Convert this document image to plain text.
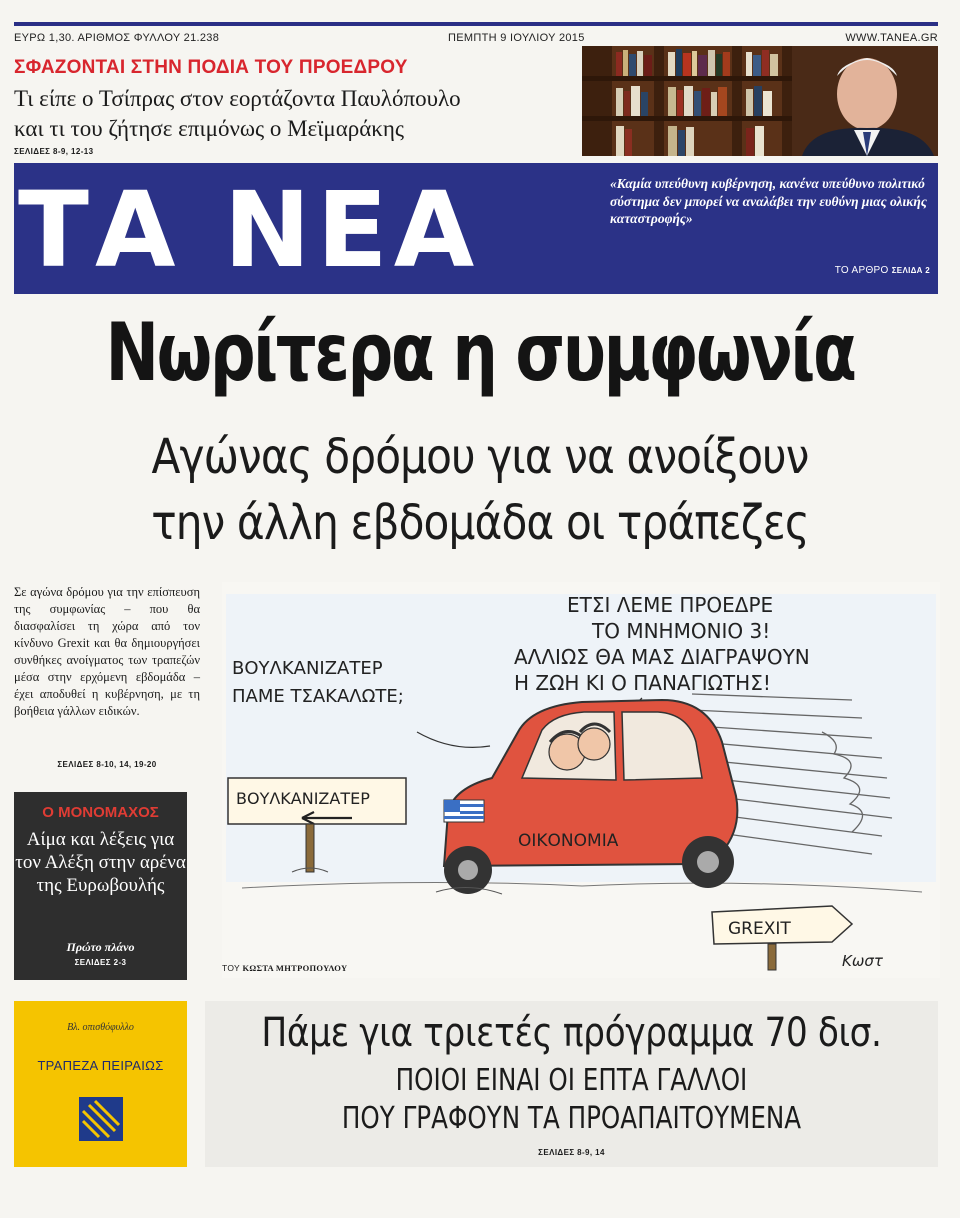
ΕΥΡΩ 1,30. ΑΡΙΘΜΟΣ ΦΥΛΛΟΥ 21.238	ΠΕΜΠΤΗ 9 ΙΟΥΛΙΟΥ 2015	WWW.TANEA.GR
ΣΦΑΖΟΝΤΑΙ ΣΤΗΝ ΠΟΔΙΑ ΤΟΥ ΠΡΟΕΔΡΟΥ
Τι είπε ο Τσίπρας στον εορτάζοντα Παυλόπουλο
και τι του ζήτησε επιμόνως ο Μεϊμαράκης
ΣΕΛΙΔΕΣ 8-9, 12-13
ΤΑ ΝΕΑ	«Καμία υπεύθυνη κυβέρνηση, κανένα υπεύθυνο πολιτικό σύστημα δεν μπορεί να αναλάβει την ευθύνη μιας ολικής καταστροφής»
ΤΟ ΑΡΘΡΟ ΣΕΛΙΔΑ 2
Νωρίτερα η συμφωνία
Αγώνας δρόμου για να ανοίξουν
την άλλη εβδομάδα οι τράπεζες
Σε αγώνα δρόμου για την επίσπευση της συμφωνίας – που θα διασφαλίσει τη χώρα από τον κίνδυνο Grexit και θα δημιουργήσει συνθήκες ανοίγματος των τραπεζών μέσα στην ερχόμενη εβδομάδα – έχει αποδυθεί η κυβέρνηση, με τη βοήθεια γάλλων ειδικών.
ΣΕΛΙΔΕΣ 8-10, 14, 19-20
Ο ΜΟΝΟΜΑΧΟΣ
Αίμα και λέξεις για τον Αλέξη στην αρένα της Ευρωβουλής
Πρώτο πλάνο
ΣΕΛΙΔΕΣ 2-3
ΕΤΣΙ ΛΕΜΕ ΠΡΟΕΔΡΕ
ΤΟ ΜΝΗΜΟΝΙΟ 3!
ΑΛΛΙΩΣ ΘΑ ΜΑΣ ΔΙΑΓΡΑΨΟΥΝ
Η ΖΩΗ ΚΙ Ο ΠΑΝΑΓΙΩΤΗΣ!
ΒΟΥΛΚΑΝΙΖΑΤΕΡ
ΠΑΜΕ ΤΣΑΚΑΛΩΤΕ;
ΒΟΥΛΚΑΝΙΖΑΤΕΡ
ΟΙΚΟΝΟΜΙΑ
GREXIT
Κωστ
ΤΟΥ ΚΩΣΤΑ ΜΗΤΡΟΠΟΥΛΟΥ
Βλ. οπισθόφυλλο
ΤΡΑΠΕΖΑ ΠΕΙΡΑΙΩΣ
Πάμε για τριετές πρόγραμμα 70 δισ.
ΠΟΙΟΙ ΕΙΝΑΙ ΟΙ ΕΠΤΑ ΓΑΛΛΟΙ
ΠΟΥ ΓΡΑΦΟΥΝ ΤΑ ΠΡΟΑΠΑΙΤΟΥΜΕΝΑ
ΣΕΛΙΔΕΣ 8-9, 14
